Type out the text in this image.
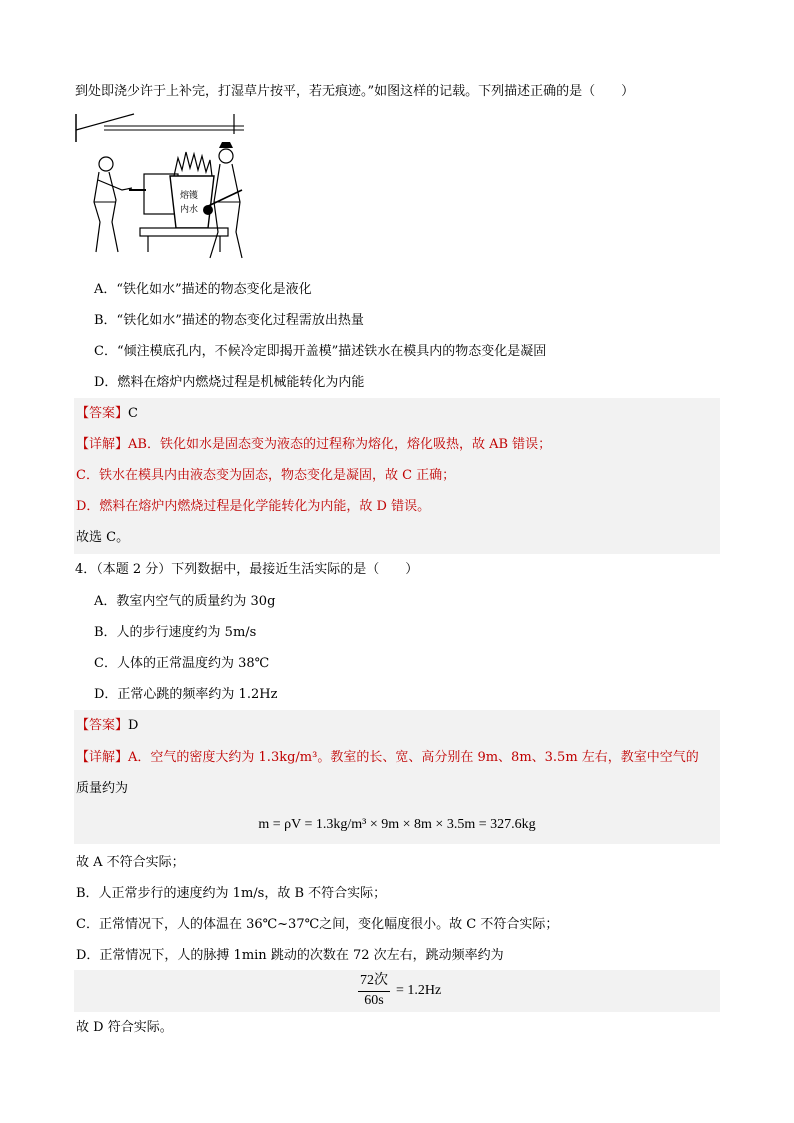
到处即浇少许于上补完，打湿草片按平，若无痕迹。”如图这样的记载。下列描述正确的是（　　）
熔镬
内水
A．“铁化如水”描述的物态变化是液化
B．“铁化如水”描述的物态变化过程需放出热量
C．“倾注模底孔内，不候冷定即揭开盖模”描述铁水在模具内的物态变化是凝固
D．燃料在熔炉内燃烧过程是机械能转化为内能
【答案】C
【详解】AB．铁化如水是固态变为液态的过程称为熔化，熔化吸热，故 AB 错误；
C．铁水在模具内由液态变为固态，物态变化是凝固，故 C 正确；
D．燃料在熔炉内燃烧过程是化学能转化为内能，故 D 错误。
故选 C。
4．（本题 2 分）下列数据中，最接近生活实际的是（　　）
A．教室内空气的质量约为 30g
B．人的步行速度约为 5m/s
C．人体的正常温度约为 38℃
D．正常心跳的频率约为 1.2Hz
【答案】D
【详解】A．空气的密度大约为 1.3kg/m³。教室的长、宽、高分别在 9m、8m、3.5m 左右，教室中空气的
质量约为
m = ρV = 1.3kg/m³ × 9m × 8m × 3.5m = 327.6kg
故 A 不符合实际；
B．人正常步行的速度约为 1m/s，故 B 不符合实际；
C．正常情况下，人的体温在 36℃~37℃之间，变化幅度很小。故 C 不符合实际；
D．正常情况下，人的脉搏 1min 跳动的次数在 72 次左右，跳动频率约为
72次
60s
= 1.2Hz
故 D 符合实际。
